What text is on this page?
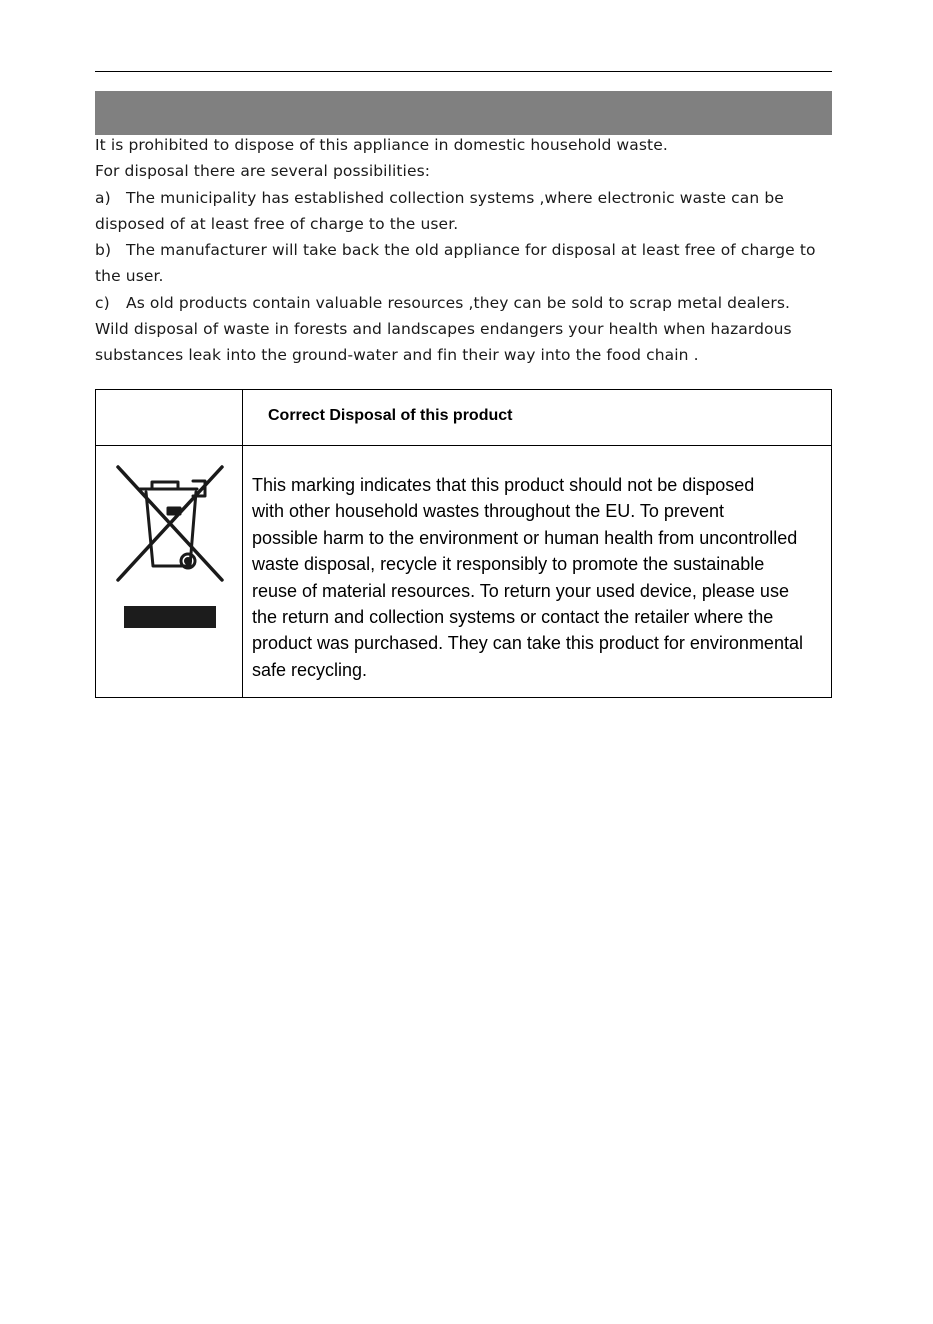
It is prohibited to dispose of this appliance in domestic household waste.

For disposal there are several possibilities:

a) The municipality has established collection systems ,where electronic waste can be

disposed of at least free of charge to the user.

b) The manufacturer will take back the old appliance for disposal at least free of charge to

the user.

c) As old products contain valuable resources ,they can be sold to scrap metal dealers.

Wild disposal of waste in forests and landscapes endangers your health when hazardous

substances leak into the ground-water and fin their way into the food chain .

Correct Disposal of this product
This marking indicates that this product should not be disposed
with other household wastes throughout the EU. To prevent
possible harm to the environment or human health from uncontrolled
waste disposal, recycle it responsibly to promote the sustainable
reuse of material resources. To return your used device, please use
the return and collection systems or contact the retailer where the
product was purchased. They can take this product for environmental
safe recycling.
